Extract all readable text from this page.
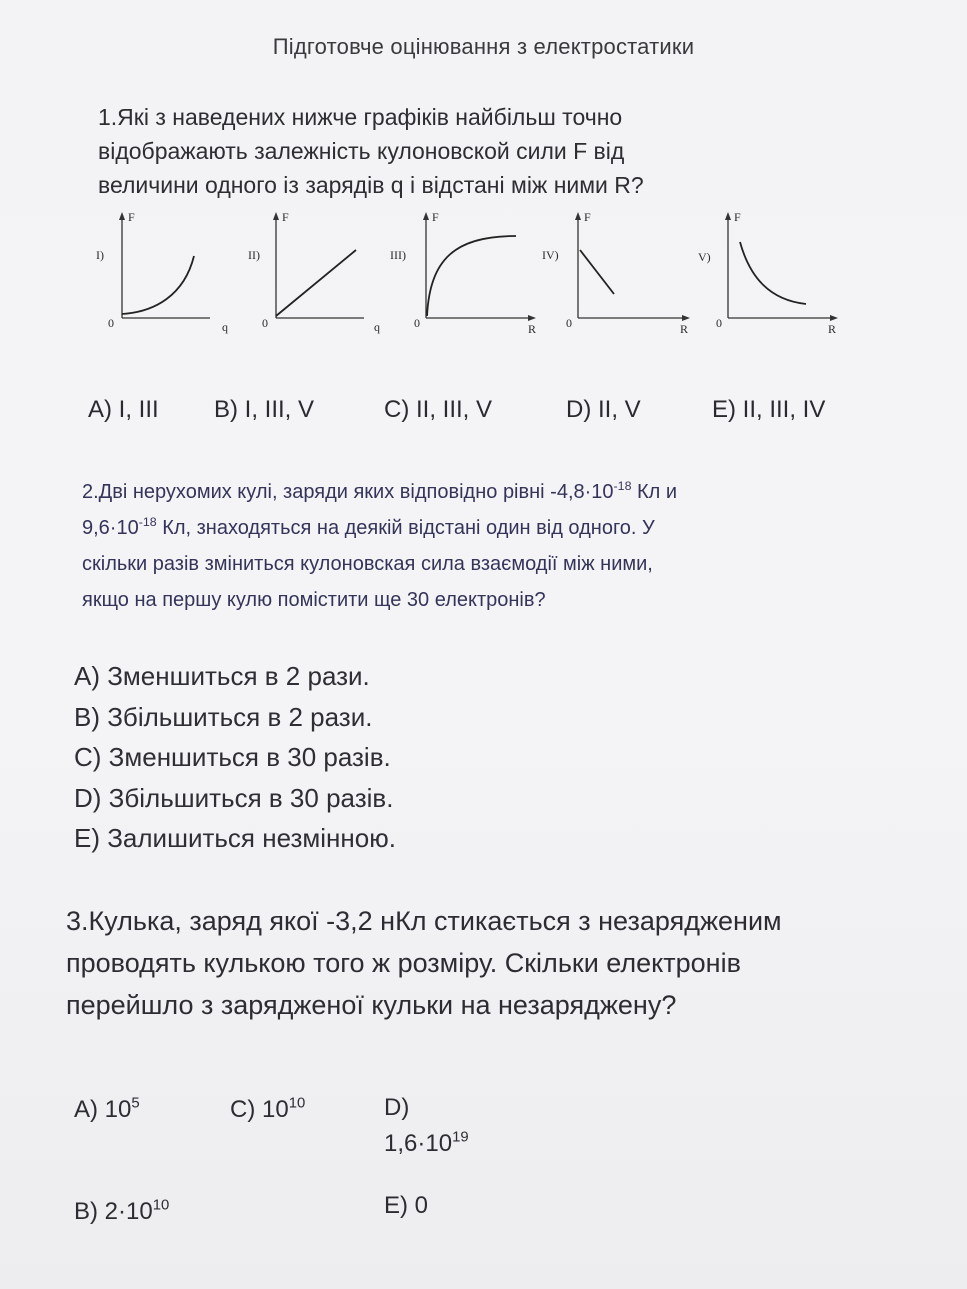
Підготовче оцінювання з електростатики
1.Які з наведених нижче графіків найбільш точно
відображають залежність кулоновской сили F від
величини одного із зарядів q і відстані між ними R?
I)
F
0	q
II)
F
0	q
III)
F
0	R
IV)
F
0	R
V)
F
0	R
A) I, III B) I, III, V	C) II, III, V	D) II, V	E) II, III, IV
2.Дві нерухомих кулі, заряди яких відповідно рівні $-4,8\cdot 10^{-18}$ Кл и
$9,6\cdot 10^{-18}$ Кл, знаходяться на деякій відстані один від одного. У
скільки разів зміниться кулоновская сила взаємодії між ними,
якщо на першу кулю помістити ще 30 електронів?
A) Зменшиться в 2 рази.
B) Збільшиться в 2 рази.
C) Зменшиться в 30 разів.
D) Збільшиться в 30 разів.
E) Залишиться незмінною.
3.Кулька, заряд якої -3,2 нКл стикається з незарядженим
проводять кулькою того ж розміру. Скільки електронів
перейшло з зарядженої кульки на незаряджену?
A) $10^5$	C) $10^{10}$	D)
$1,6\cdot 10^{19}$
B) $2\cdot 10^{10}$	E) 0
